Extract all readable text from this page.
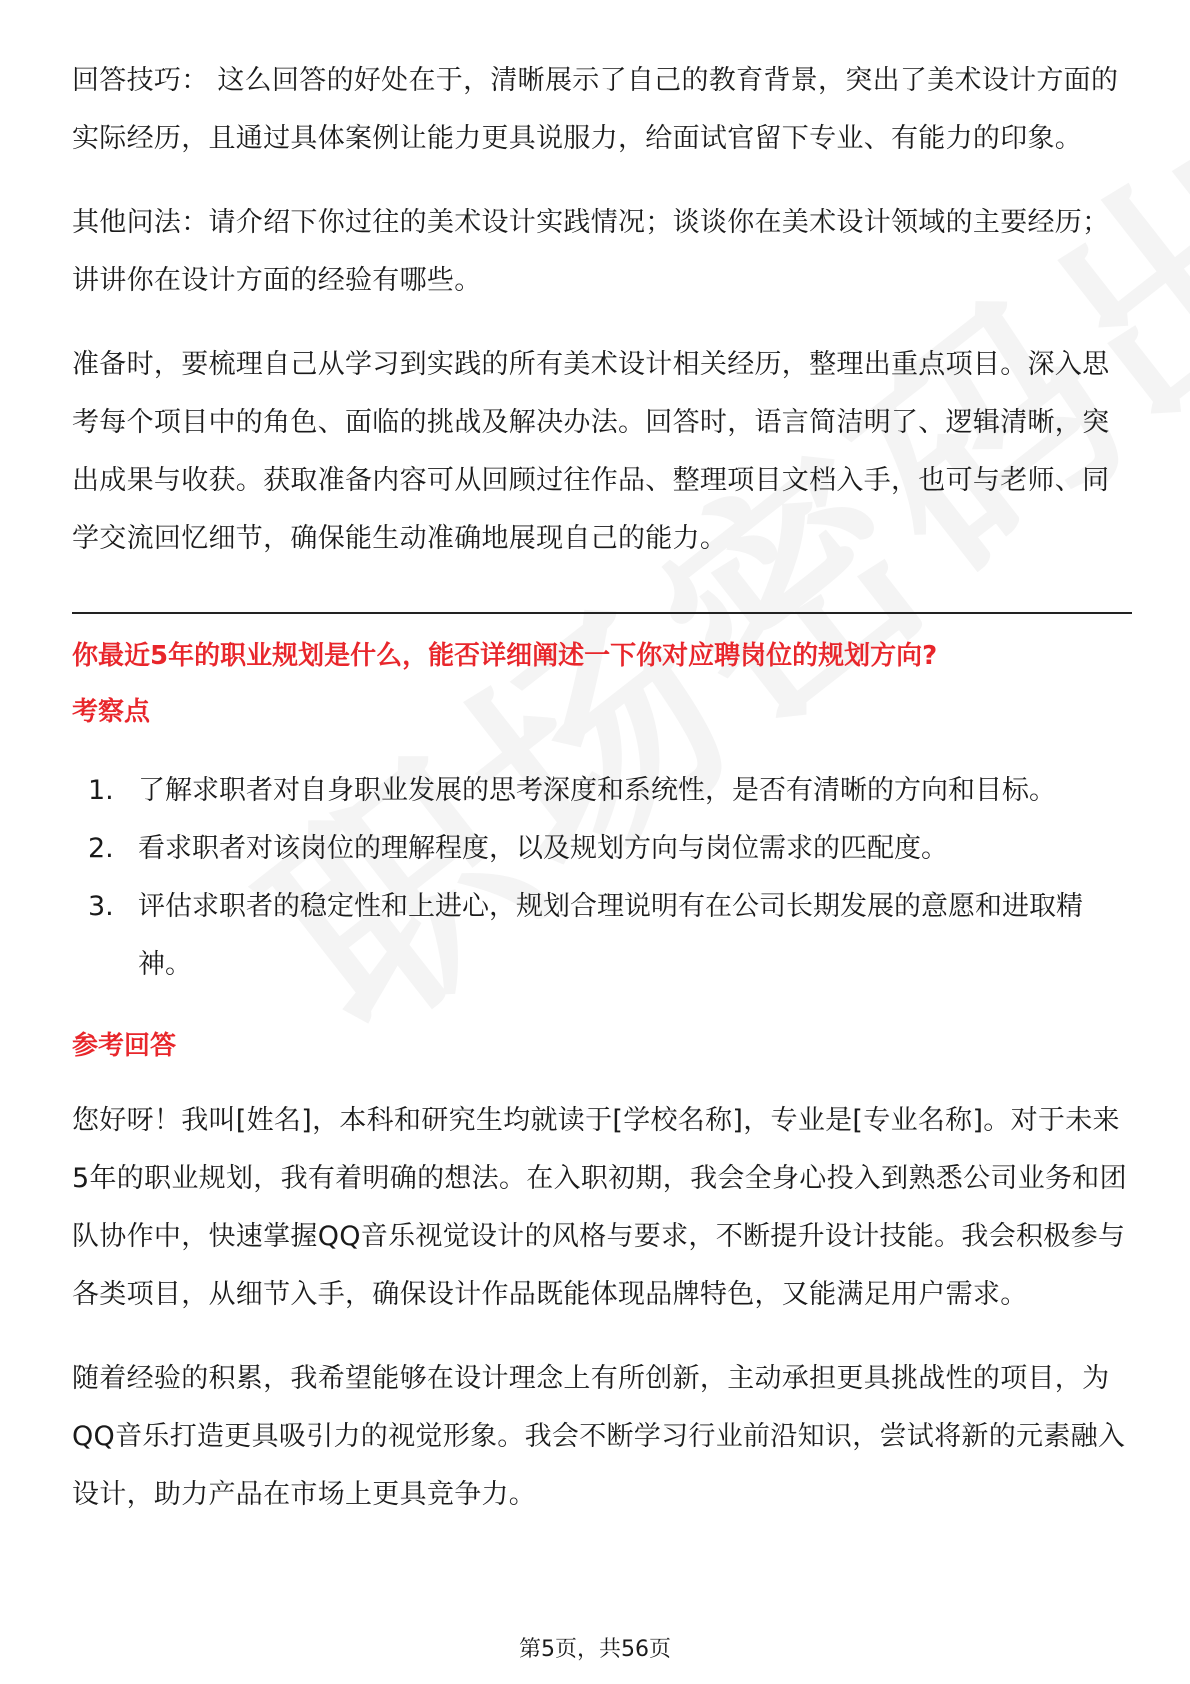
回答技巧： 这么回答的好处在于，清晰展示了自己的教育背景，突出了美术设计方面的实际经历，且通过具体案例让能力更具说服力，给面试官留下专业、有能力的印象。

其他问法：请介绍下你过往的美术设计实践情况；谈谈你在美术设计领域的主要经历；讲讲你在设计方面的经验有哪些。

准备时，要梳理自己从学习到实践的所有美术设计相关经历，整理出重点项目。深入思考每个项目中的角色、面临的挑战及解决办法。回答时，语言简洁明了、逻辑清晰，突出成果与收获。获取准备内容可从回顾过往作品、整理项目文档入手，也可与老师、同学交流回忆细节，确保能生动准确地展现自己的能力。

你最近5年的职业规划是什么，能否详细阐述一下你对应聘岗位的规划方向?

考察点

1. 了解求职者对自身职业发展的思考深度和系统性，是否有清晰的方向和目标。
2. 看求职者对该岗位的理解程度，以及规划方向与岗位需求的匹配度。
3. 评估求职者的稳定性和上进心，规划合理说明有在公司长期发展的意愿和进取精神。

参考回答

您好呀！我叫[姓名]，本科和研究生均就读于[学校名称]，专业是[专业名称]。对于未来5年的职业规划，我有着明确的想法。在入职初期，我会全身心投入到熟悉公司业务和团队协作中，快速掌握QQ音乐视觉设计的风格与要求，不断提升设计技能。我会积极参与各类项目，从细节入手，确保设计作品既能体现品牌特色，又能满足用户需求。

随着经验的积累，我希望能够在设计理念上有所创新，主动承担更具挑战性的项目，为QQ音乐打造更具吸引力的视觉形象。我会不断学习行业前沿知识，尝试将新的元素融入设计，助力产品在市场上更具竞争力。

第5页，共56页
